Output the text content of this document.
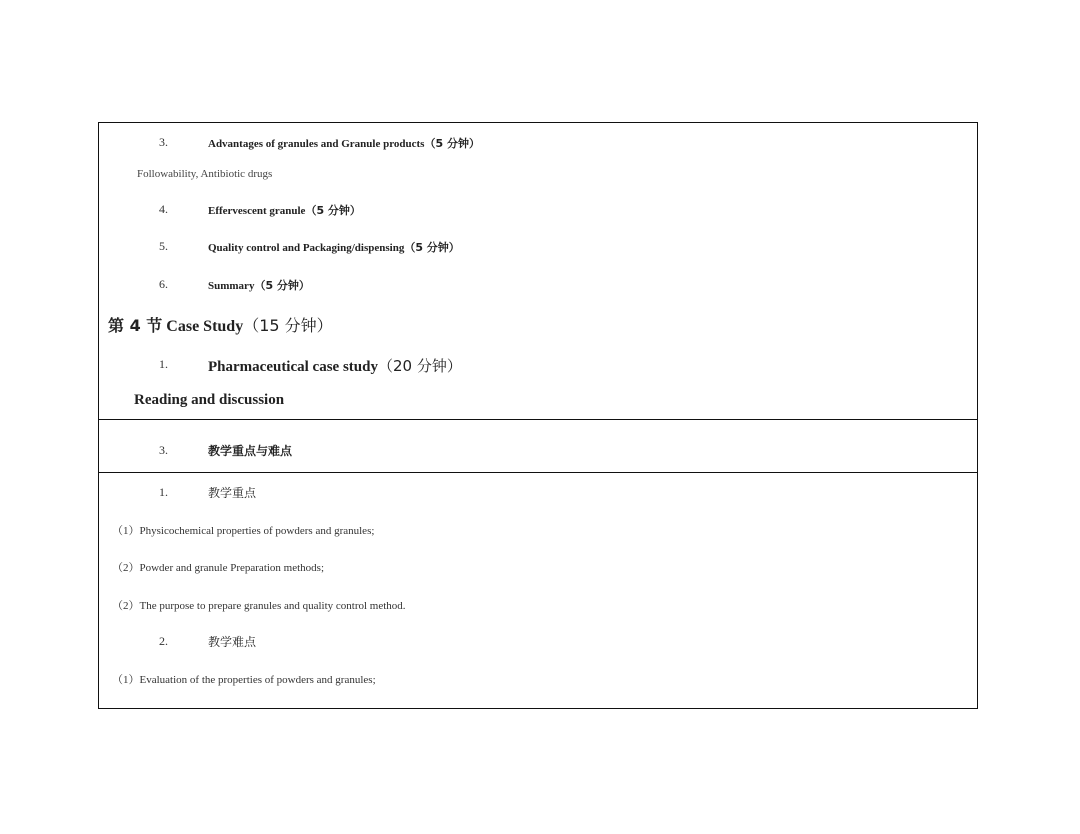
3.	Advantages of granules and Granule products（5 分钟）
Followability, Antibiotic drugs
4.	Effervescent granule（5 分钟）
5.	Quality control and Packaging/dispensing（5 分钟）
6.	Summary（5 分钟）
第 4 节 Case Study（15 分钟）
1.	Pharmaceutical case study（20 分钟）
Reading and discussion
3.	教学重点与难点
1.	教学重点
（1）Physicochemical properties of powders and granules;
（2）Powder and granule Preparation methods;
（2）The purpose to prepare granules and quality control method.
2.	教学难点
（1）Evaluation of the properties of powders and granules;
